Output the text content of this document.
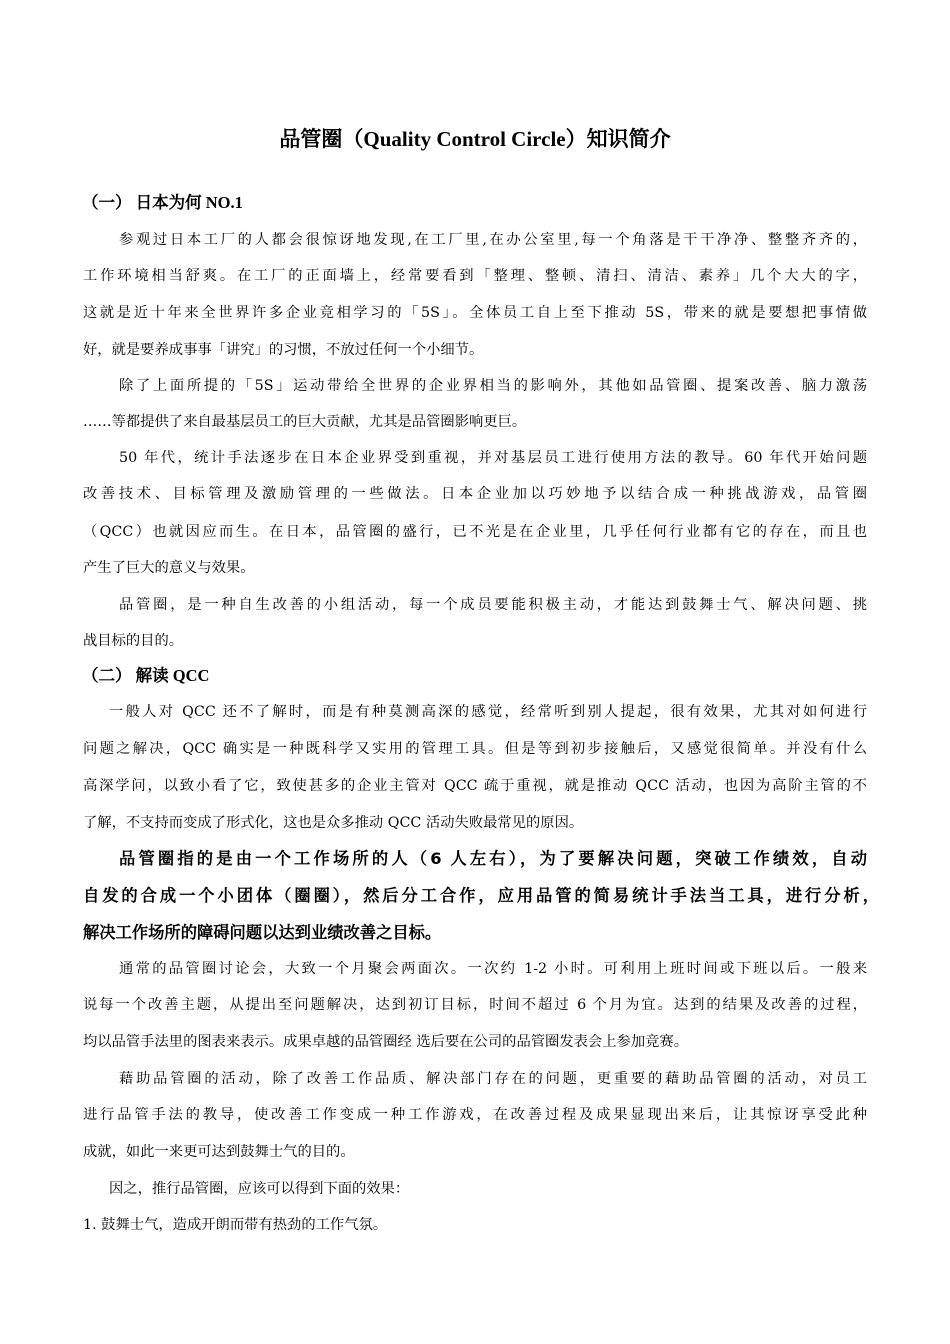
品管圈（Quality Control Circle）知识简介
（一） 日本为何 NO.1
参观过日本工厂的人都会很惊讶地发现,在工厂里,在办公室里,每一个角落是干干净净、整整齐齐的，
工作环境相当舒爽。在工厂的正面墙上，经常要看到「整理、整顿、清扫、清洁、素养」几个大大的字，
这就是近十年来全世界许多企业竞相学习的「5S」。全体员工自上至下推动 5S，带来的就是要想把事情做
好，就是要养成事事「讲究」的习惯，不放过任何一个小细节。
除了上面所提的「5S」运动带给全世界的企业界相当的影响外，其他如品管圈、提案改善、脑力激荡
……等都提供了来自最基层员工的巨大贡献，尤其是品管圈影响更巨。
50 年代，统计手法逐步在日本企业界受到重视，并对基层员工进行使用方法的教导。60 年代开始问题
改善技术、目标管理及激励管理的一些做法。日本企业加以巧妙地予以结合成一种挑战游戏，品管圈
（QCC）也就因应而生。在日本，品管圈的盛行，已不光是在企业里，几乎任何行业都有它的存在，而且也
产生了巨大的意义与效果。
品管圈，是一种自生改善的小组活动，每一个成员要能积极主动，才能达到鼓舞士气、解决问题、挑
战目标的目的。
（二） 解读 QCC
一般人对 QCC 还不了解时，而是有种莫测高深的感觉，经常听到别人提起，很有效果，尤其对如何进行
问题之解决，QCC 确实是一种既科学又实用的管理工具。但是等到初步接触后，又感觉很简单。并没有什么
高深学问，以致小看了它，致使甚多的企业主管对 QCC 疏于重视，就是推动 QCC 活动，也因为高阶主管的不
了解，不支持而变成了形式化，这也是众多推动 QCC 活动失败最常见的原因。
品管圈指的是由一个工作场所的人（6 人左右），为了要解决问题，突破工作绩效，自动
自发的合成一个小团体（圈圈），然后分工合作，应用品管的简易统计手法当工具，进行分析，
解决工作场所的障碍问题以达到业绩改善之目标。
通常的品管圈讨论会，大致一个月聚会两面次。一次约 1-2 小时。可利用上班时间或下班以后。一般来
说每一个改善主题，从提出至问题解决，达到初订目标，时间不超过 6 个月为宜。达到的结果及改善的过程，
均以品管手法里的图表来表示。成果卓越的品管圈经 选后要在公司的品管圈发表会上参加竞赛。
藉助品管圈的活动，除了改善工作品质、解决部门存在的问题，更重要的藉助品管圈的活动，对员工
进行品管手法的教导，使改善工作变成一种工作游戏，在改善过程及成果显现出来后，让其惊讶享受此种
成就，如此一来更可达到鼓舞士气的目的。
因之，推行品管圈，应该可以得到下面的效果：
1. 鼓舞士气，造成开朗而带有热劲的工作气氛。
